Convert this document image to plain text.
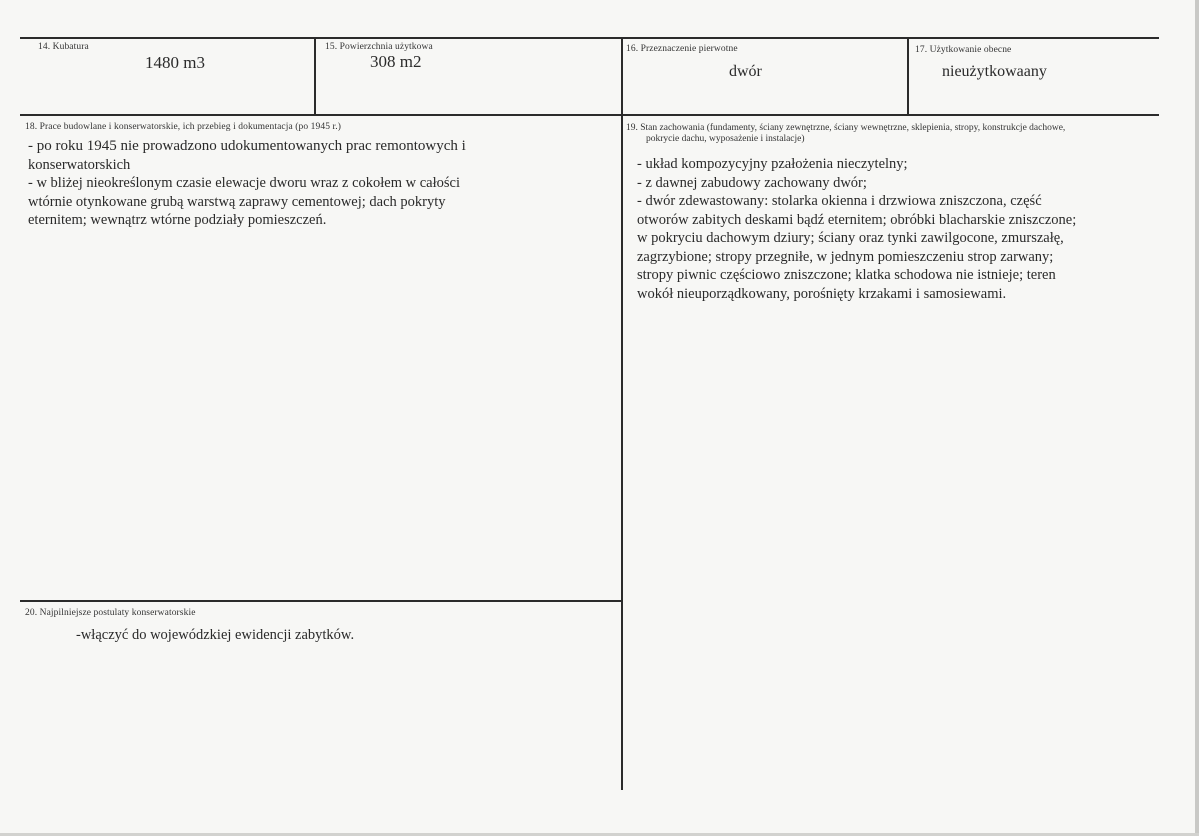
14. Kubatura
1480 m3
15. Powierzchnia użytkowa
308 m2
16. Przeznaczenie pierwotne
dwór
17. Użytkowanie obecne
nieużytkowaany
18. Prace budowlane i konserwatorskie, ich przebieg i dokumentacja (po 1945 r.)
- po roku 1945 nie prowadzono udokumentowanych prac remontowych i
konserwatorskich
- w bliżej nieokreślonym czasie elewacje dworu wraz z cokołem w całości
wtórnie otynkowane grubą warstwą zaprawy cementowej; dach pokryty
eternitem; wewnątrz wtórne podziały pomieszczeń.
19. Stan zachowania (fundamenty, ściany zewnętrzne, ściany wewnętrzne, sklepienia, stropy, konstrukcje dachowe,
pokrycie dachu, wyposażenie i instalacje)
- układ kompozycyjny pzałożenia nieczytelny;
- z dawnej zabudowy zachowany dwór;
- dwór zdewastowany: stolarka okienna i drzwiowa zniszczona, część
otworów zabitych deskami bądź eternitem; obróbki blacharskie zniszczone;
w pokryciu dachowym dziury; ściany oraz tynki zawilgocone, zmurszałę,
zagrzybione; stropy przegniłe, w jednym pomieszczeniu strop zarwany;
stropy piwnic częściowo zniszczone; klatka schodowa nie istnieje; teren
wokół nieuporządkowany, porośnięty krzakami i samosiewami.
20. Najpilniejsze postulaty konserwatorskie
-włączyć do wojewódzkiej ewidencji zabytków.
